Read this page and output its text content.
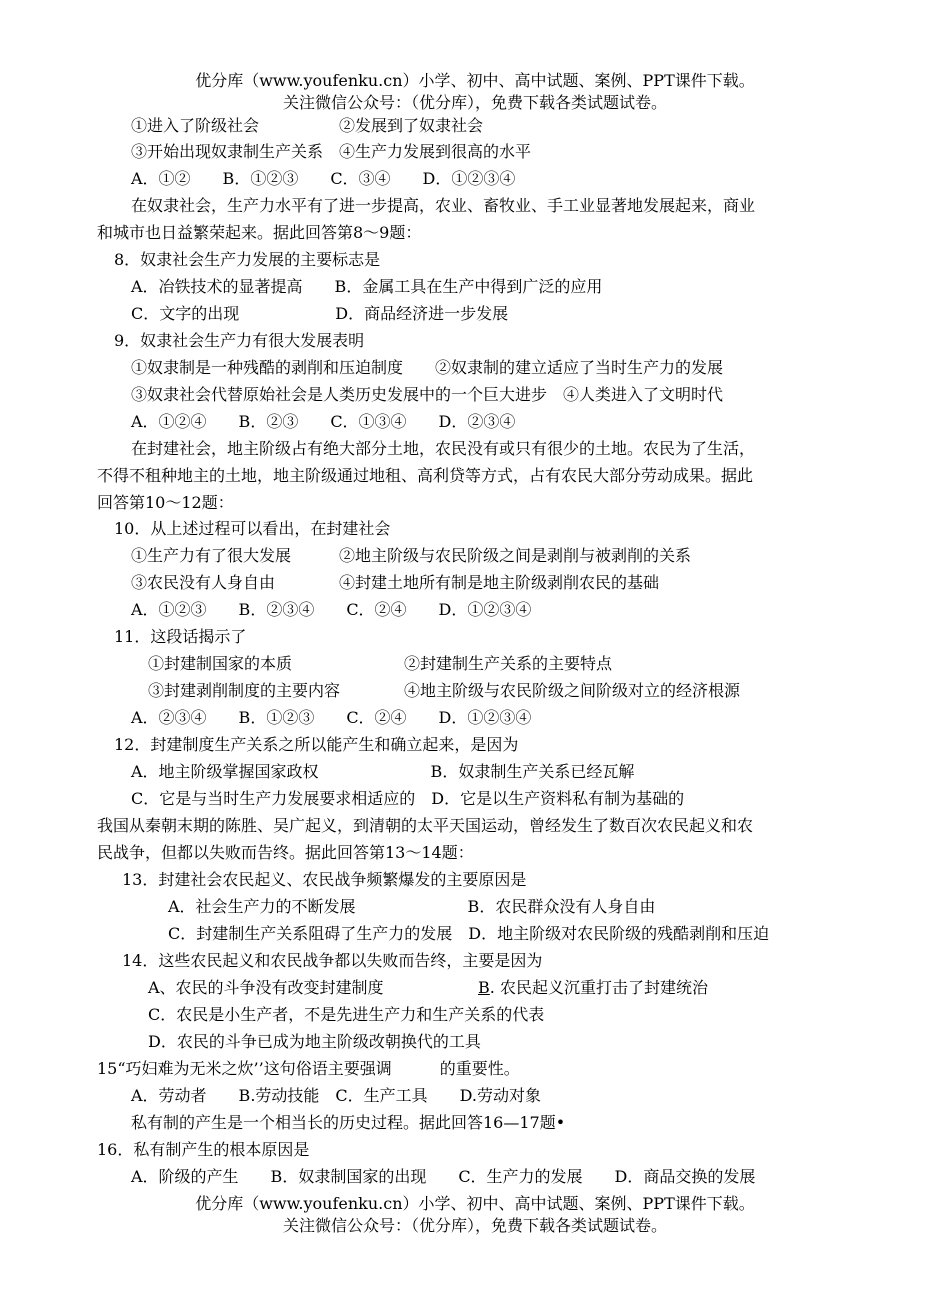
优分库（www.youfenku.cn）小学、初中、高中试题、案例、PPT课件下载。
关注微信公众号：（优分库），免费下载各类试题试卷。
①进入了阶级社会　　　　　②发展到了奴隶社会
③开始出现奴隶制生产关系　④生产力发展到很高的水平
A．①②　　B．①②③　　C．③④　　D．①②③④
在奴隶社会，生产力水平有了进一步提高，农业、畜牧业、手工业显著地发展起来，商业
和城市也日益繁荣起来。据此回答第8～9题：
8．奴隶社会生产力发展的主要标志是
A．冶铁技术的显著提高　　B．金属工具在生产中得到广泛的应用
C．文字的出现　　　　　　D．商品经济进一步发展
9．奴隶社会生产力有很大发展表明
①奴隶制是一种残酷的剥削和压迫制度　　②奴隶制的建立适应了当时生产力的发展
③奴隶社会代替原始社会是人类历史发展中的一个巨大进步　④人类进入了文明时代
A．①②④　　B．②③　　C．①③④　　D．②③④
在封建社会，地主阶级占有绝大部分土地，农民没有或只有很少的土地。农民为了生活，
不得不租种地主的土地，地主阶级通过地租、高利贷等方式，占有农民大部分劳动成果。据此
回答第10～12题：
10．从上述过程可以看出，在封建社会
①生产力有了很大发展　　　②地主阶级与农民阶级之间是剥削与被剥削的关系
③农民没有人身自由　　　　④封建土地所有制是地主阶级剥削农民的基础
A．①②③　　B．②③④　　C．②④　　D．①②③④
11．这段话揭示了
①封建制国家的本质　　　　　　　②封建制生产关系的主要特点
③封建剥削制度的主要内容　　　　④地主阶级与农民阶级之间阶级对立的经济根源
A．②③④　　B．①②③　　C．②④　　D．①②③④
12．封建制度生产关系之所以能产生和确立起来，是因为
A．地主阶级掌握国家政权　　　　　　　B．奴隶制生产关系已经瓦解
C．它是与当时生产力发展要求相适应的　D．它是以生产资料私有制为基础的
我国从秦朝末期的陈胜、吴广起义，到清朝的太平天国运动，曾经发生了数百次农民起义和农
民战争，但都以失败而告终。据此回答第13～14题：
13．封建社会农民起义、农民战争频繁爆发的主要原因是
A．社会生产力的不断发展　　　　　　　B．农民群众没有人身自由
C．封建制生产关系阻碍了生产力的发展　D．地主阶级对农民阶级的残酷剥削和压迫
14．这些农民起义和农民战争都以失败而告终，主要是因为
A、农民的斗争没有改变封建制度	B. 农民起义沉重打击了封建统治
C．农民是小生产者，不是先进生产力和生产关系的代表
D．农民的斗争已成为地主阶级改朝换代的工具
15“巧妇难为无米之炊’’这句俗语主要强调　　　的重要性。
A．劳动者　　B.劳动技能　C．生产工具　　D.劳动对象
私有制的产生是一个相当长的历史过程。据此回答16—17题•
16．私有制产生的根本原因是
A．阶级的产生　　B．奴隶制国家的出现　　C．生产力的发展　　D．商品交换的发展
优分库（www.youfenku.cn）小学、初中、高中试题、案例、PPT课件下载。
关注微信公众号：（优分库），免费下载各类试题试卷。
